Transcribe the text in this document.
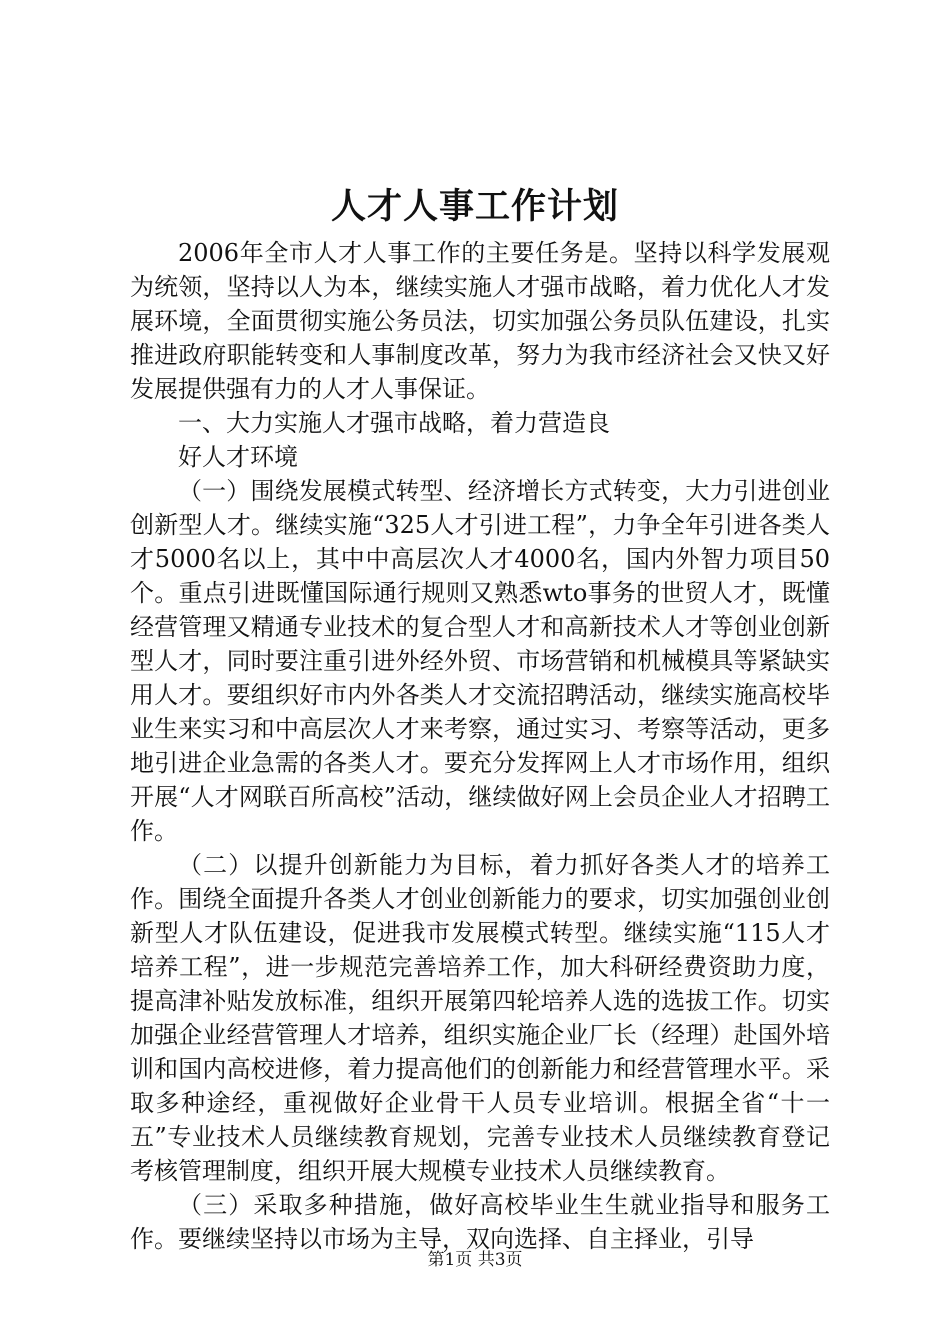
人才人事工作计划

2006年全市人才人事工作的主要任务是。坚持以科学发展观为统领，坚持以人为本，继续实施人才强市战略，着力优化人才发展环境，全面贯彻实施公务员法，切实加强公务员队伍建设，扎实推进政府职能转变和人事制度改革，努力为我市经济社会又快又好发展提供强有力的人才人事保证。

一、大力实施人才强市战略，着力营造良

好人才环境

（一）围绕发展模式转型、经济增长方式转变，大力引进创业创新型人才。继续实施“325人才引进工程”，力争全年引进各类人才5000名以上，其中中高层次人才4000名，国内外智力项目50个。重点引进既懂国际通行规则又熟悉wto事务的世贸人才，既懂经营管理又精通专业技术的复合型人才和高新技术人才等创业创新型人才，同时要注重引进外经外贸、市场营销和机械模具等紧缺实用人才。要组织好市内外各类人才交流招聘活动，继续实施高校毕业生来实习和中高层次人才来考察，通过实习、考察等活动，更多地引进企业急需的各类人才。要充分发挥网上人才市场作用，组织开展“人才网联百所高校”活动，继续做好网上会员企业人才招聘工作。

（二）以提升创新能力为目标，着力抓好各类人才的培养工作。围绕全面提升各类人才创业创新能力的要求，切实加强创业创新型人才队伍建设，促进我市发展模式转型。继续实施“115人才培养工程”，进一步规范完善培养工作，加大科研经费资助力度，提高津补贴发放标准，组织开展第四轮培养人选的选拔工作。切实加强企业经营管理人才培养，组织实施企业厂长（经理）赴国外培训和国内高校进修，着力提高他们的创新能力和经营管理水平。采取多种途经，重视做好企业骨干人员专业培训。根据全省“十一五”专业技术人员继续教育规划，完善专业技术人员继续教育登记考核管理制度，组织开展大规模专业技术人员继续教育。

（三）采取多种措施，做好高校毕业生生就业指导和服务工作。要继续坚持以市场为主导，双向选择、自主择业，引导

第1页 共3页
